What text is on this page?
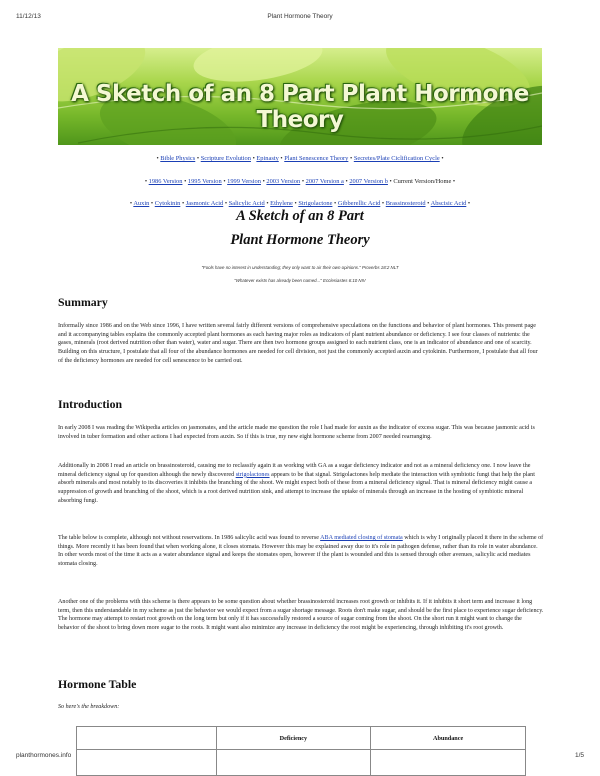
11/12/13	Plant Hormone Theory
A Sketch of an 8 Part Plant Hormone Theory
• Bible Physics • Scripture Evolution • Epinasty • Plant Senescence Theory • Secretes/Plate Ciclification Cycle •
• 1986 Version • 1995 Version • 1999 Version • 2003 Version • 2007 Version a • 2007 Version b • Current Version/Home •
• Auxin • Cytokinin • Jasmonic Acid • Salicylic Acid • Ethylene • Strigolactone • Gibberellic Acid • Brassinosteroid • Abscisic Acid •
A Sketch of an 8 Part
Plant Hormone Theory
"Fools have no interest in understanding; they only want to air their own opinions." Proverbs 18:2 NLT
"Whatever exists has already been named..." Ecclesiastes 6:10 NIV
Summary

Informally since 1986 and on the Web since 1996, I have written several fairly different versions of comprehensive speculations on the functions and behavior of plant hormones. This present page and it accompanying tables explains the commonly accepted plant hormones as each having major roles as indicators of plant nutrient abundance or deficiency. I see four classes of nutrients: the gases, minerals (root derived nutrition other than water), water and sugar. There are then two hormone groups assigned to each nutrient class, one is an indicator of abundance and one of scarcity. Building on this structure, I postulate that all four of the abundance hormones are needed for cell division, not just the commonly accepted auxin and cytokinin. Furthermore, I postulate that all four of the deficiency hormones are needed for cell senescence to be carried out.

Introduction

In early 2008 I was reading the Wikipedia articles on jasmonates, and the article made me question the role I had made for auxin as the indicator of excess sugar. This was because jasmonic acid is involved in tuber formation and other actions I had expected from auxin. So if this is true, my new eight hormone scheme from 2007 needed rearranging.

Additionally in 2008 I read an article on brassinosteroid, causing me to reclassify again it as working with GA as a sugar deficiency indicator and not as a mineral deficiency one. I now leave the mineral deficiency signal up for question although the newly discovered strigolactones appears to be that signal. Strigolactones help mediate the interaction with symbiotic fungi that help the plant absorb minerals and most notably to its discoveries it inhibits the branching of the shoot. We might expect both of these from a mineral deficiency signal. That is mineral deficiency might cause a suppression of growth and branching of the shoot, which is a root derived nutrition sink, and attempt to increase the uptake of minerals through an increase in the hosting of symbiotic mineral absorbing fungi.

The table below is complete, although not without reservations. In 1986 salicylic acid was found to reverse ABA mediated closing of stomata which is why I originally placed it there in the scheme of things. More recently it has been found that when working alone, it closes stomata. However this may be explained away due to it's role in pathogen defense, rather than its role in water abundance. In other words most of the time it acts as a water abundance signal and keeps the stomates open, however if the plant is wounded and this is sensed through other avenues, salicylic acid mediates stomata closing.

Another one of the problems with this scheme is there appears to be some question about whether brassinosteroid increases root growth or inhibits it. If it inhibits it short term and increase it long term, then this understandable in my scheme as just the behavior we would expect from a sugar shortage message. Roots don't make sugar, and should be the first place to experience sugar deficiency. The hormone may attempt to restart root growth on the long term but only if it has successfully restored a source of sugar coming from the shoot. On the short run it might want to change the behavior of the shoot to bring down more sugar to the roots. It might want also minimize any increase in deficiency the root might be experiencing, through inhibiting it's root growth.

Hormone Table
So here's the breakdown:
	Deficiency	Abundance

planthormones.info	1/5
